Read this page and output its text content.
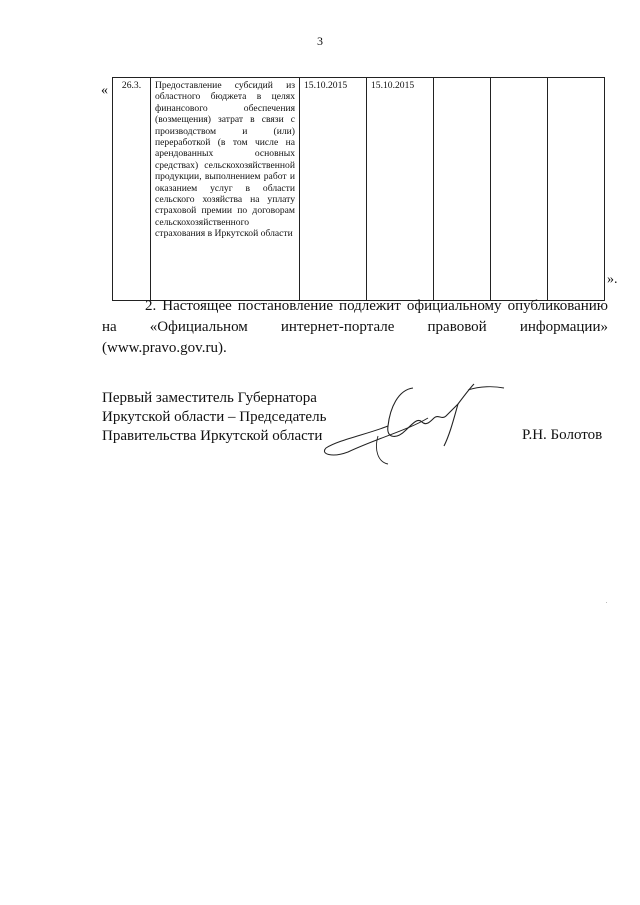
3
« 26.3.	Предоставление субсидий из областного бюджета в целях финансового обеспечения (возмещения) затрат в связи с производством и (или) переработкой (в том числе на арендованных основных средствах) сельскохозяйственной продукции, выполнением работ и оказанием услуг в области сельского хозяйства на уплату страховой премии по договорам сельскохозяйственного страхования в Иркутской области	15.10.2015	15.10.2015			
».
2. Настоящее постановление подлежит официальному опубликованию на «Официальном интернет-портале правовой информации» (www.pravo.gov.ru).
Первый заместитель Губернатора
Иркутской области – Председатель
Правительства Иркутской области	Р.Н. Болотов
